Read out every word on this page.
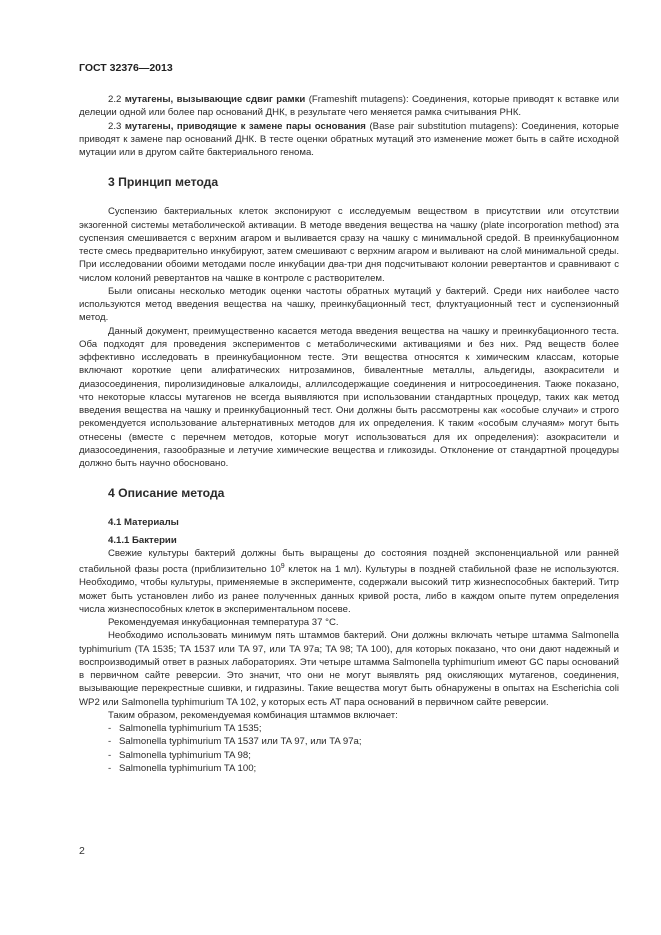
ГОСТ 32376—2013

2.2 мутагены, вызывающие сдвиг рамки (Frameshift mutagens): Соединения, которые приводят к вставке или делеции одной или более пар оснований ДНК, в результате чего меняется рамка считывания РНК.

2.3 мутагены, приводящие к замене пары основания (Base pair substitution mutagens): Соединения, которые приводят к замене пар оснований ДНК. В тесте оценки обратных мутаций это изменение может быть в сайте исходной мутации или в другом сайте бактериального генома.

3 Принцип метода

Суспензию бактериальных клеток экспонируют с исследуемым веществом в присутствии или отсутствии экзогенной системы метаболической активации. В методе введения вещества на чашку (plate incorporation method) эта суспензия смешивается с верхним агаром и выливается сразу на чашку с минимальной средой. В преинкубационном тесте смесь предварительно инкубируют, затем смешивают с верхним агаром и выливают на слой минимальной среды. При исследовании обоими методами после инкубации два-три дня подсчитывают колонии ревертантов и сравнивают с числом колоний ревертантов на чашке в контроле с растворителем.

Были описаны несколько методик оценки частоты обратных мутаций у бактерий. Среди них наиболее часто используются метод введения вещества на чашку, преинкубационный тест, флуктуационный тест и суспензионный метод.

Данный документ, преимущественно касается метода введения вещества на чашку и преинкубационного теста. Оба подходят для проведения экспериментов с метаболическими активациями и без них. Ряд веществ более эффективно исследовать в преинкубационном тесте. Эти вещества относятся к химическим классам, которые включают короткие цепи алифатических нитрозаминов, бивалентные металлы, альдегиды, азокрасители и диазосоединения, пиролизидиновые алкалоиды, аллилсодержащие соединения и нитросоединения. Также показано, что некоторые классы мутагенов не всегда выявляются при использовании стандартных процедур, таких как метод введения вещества на чашку и преинкубационный тест. Они должны быть рассмотрены как «особые случаи» и строго рекомендуется использование альтернативных методов для их определения. К таким «особым случаям» могут быть отнесены (вместе с перечнем методов, которые могут использоваться для их определения): азокрасители и диазосоединения, газообразные и летучие химические вещества и гликозиды. Отклонение от стандартной процедуры должно быть научно обосновано.

4 Описание метода
4.1 Материалы
4.1.1 Бактерии

Свежие культуры бактерий должны быть выращены до состояния поздней экспоненциальной или ранней стабильной фазы роста (приблизительно $10^9$ клеток на 1 мл). Культуры в поздней стабильной фазе не используются. Необходимо, чтобы культуры, применяемые в эксперименте, содержали высокий титр жизнеспособных бактерий. Титр может быть установлен либо из ранее полученных данных кривой роста, либо в каждом опыте путем определения числа жизнеспособных клеток в экспериментальном посеве.

Рекомендуемая инкубационная температура 37 °С.

Необходимо использовать минимум пять штаммов бактерий. Они должны включать четыре штамма Salmonella typhimurium (TA 1535; TA 1537 или TA 97, или TA 97a; TA 98; TA 100), для которых показано, что они дают надежный и воспроизводимый ответ в разных лабораториях. Эти четыре штамма Salmonella typhimurium имеют GC пары оснований в первичном сайте реверсии. Это значит, что они не могут выявлять ряд окисляющих мутагенов, соединения, вызывающие перекрестные сшивки, и гидразины. Такие вещества могут быть обнаружены в опытах на Escherichia coli WP2 или Salmonella typhimurium TA 102, у которых есть AT пара оснований в первичном сайте реверсии.

Таким образом, рекомендуемая комбинация штаммов включает:

- Salmonella typhimurium TA 1535;
- Salmonella typhimurium TA 1537 или TA 97, или TA 97a;
- Salmonella typhimurium TA 98;
- Salmonella typhimurium TA 100;
2
